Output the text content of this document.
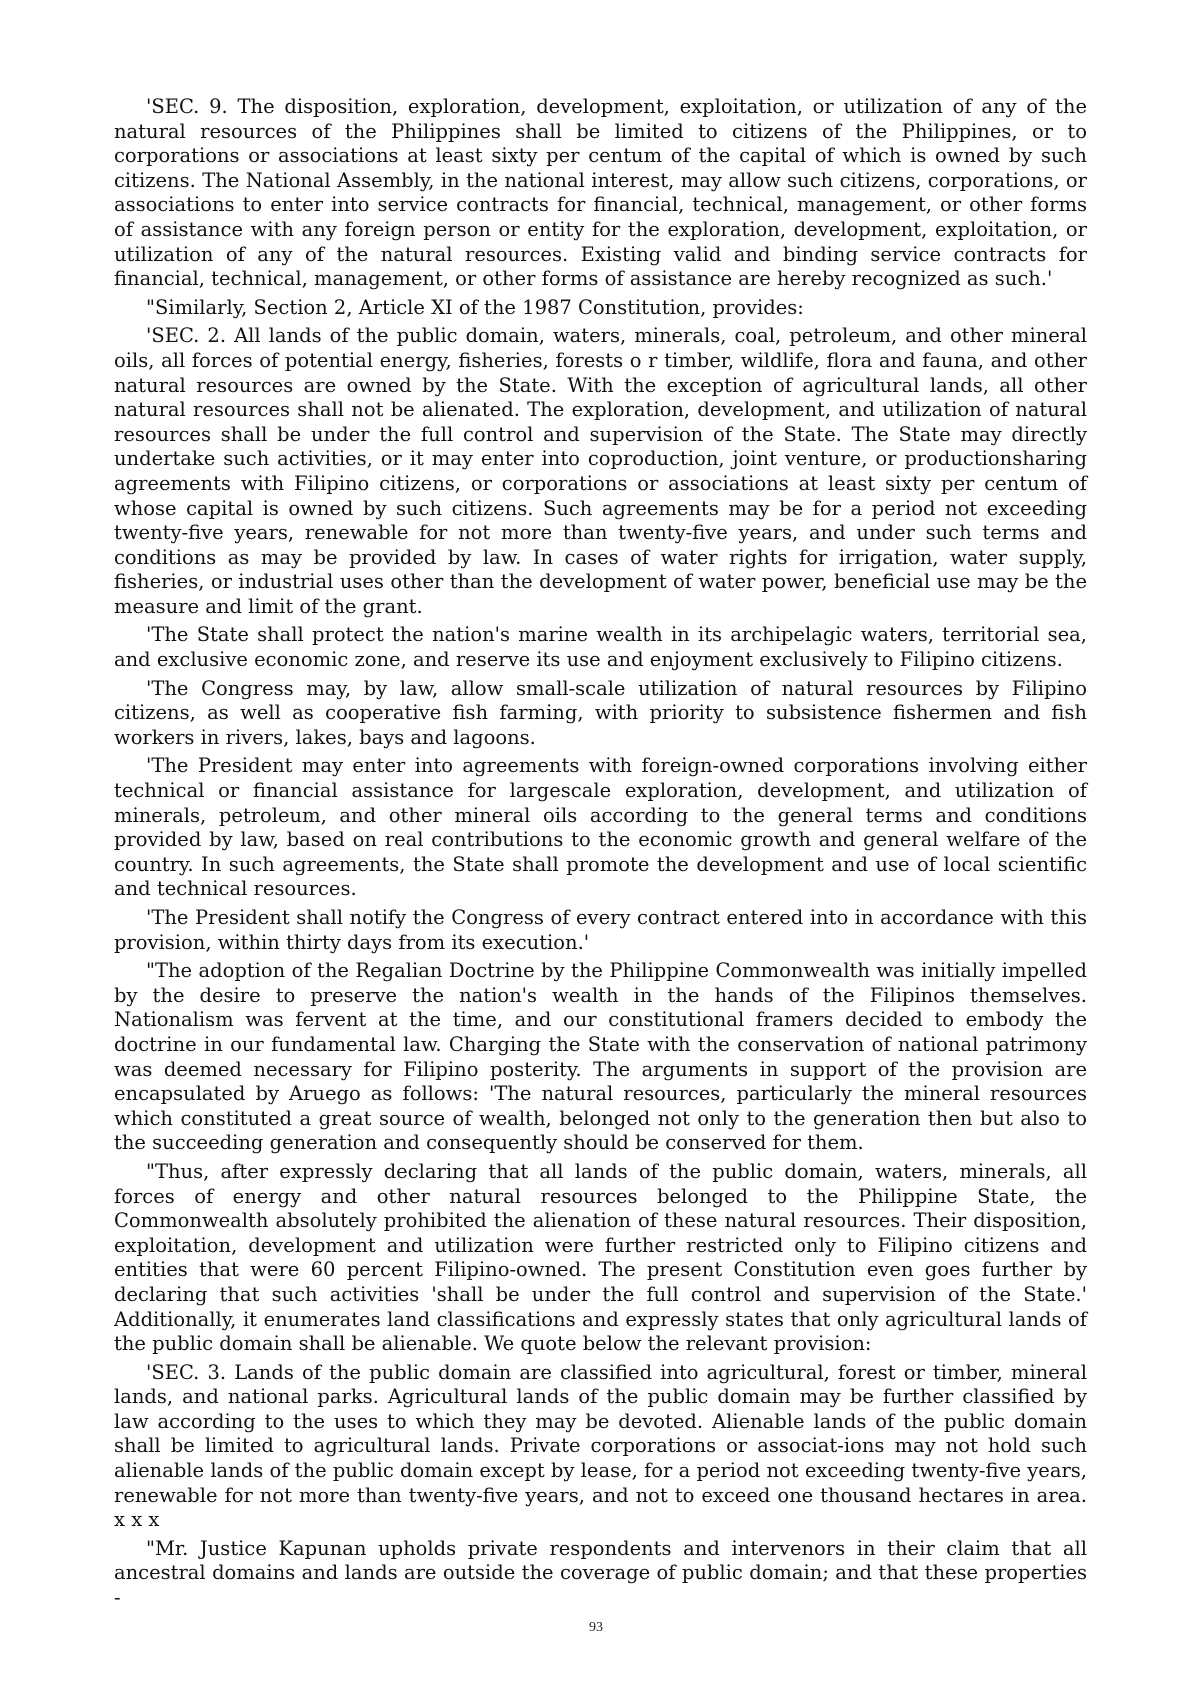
'SEC. 9. The disposition, exploration, development, exploitation, or utilization of any of the natural resources of the Philippines shall be limited to citizens of the Philippines, or to corporations or associations at least sixty per centum of the capital of which is owned by such citizens. The National Assembly, in the national interest, may allow such citizens, corporations, or associations to enter into service contracts for financial, technical, management, or other forms of assistance with any foreign person or entity for the exploration, development, exploitation, or utilization of any of the natural resources. Existing valid and binding service contracts for financial, technical, management, or other forms of assistance are hereby recognized as such.'

"Similarly, Section 2, Article XI of the 1987 Constitution, provides:

'SEC. 2. All lands of the public domain, waters, minerals, coal, petroleum, and other mineral oils, all forces of potential energy, fisheries, forests o r timber, wildlife, flora and fauna, and other natural resources are owned by the State. With the exception of agricultural lands, all other natural resources shall not be alienated. The exploration, development, and utilization of natural resources shall be under the full control and supervision of the State. The State may directly undertake such activities, or it may enter into coproduction, joint venture, or productionsharing agreements with Filipino citizens, or corporations or associations at least sixty per centum of whose capital is owned by such citizens. Such agreements may be for a period not exceeding twenty-five years, renewable for not more than twenty-five years, and under such terms and conditions as may be provided by law. In cases of water rights for irrigation, water supply, fisheries, or industrial uses other than the development of water power, beneficial use may be the measure and limit of the grant.

'The State shall protect the nation's marine wealth in its archipelagic waters, territorial sea, and exclusive economic zone, and reserve its use and enjoyment exclusively to Filipino citizens.

'The Congress may, by law, allow small-scale utilization of natural resources by Filipino citizens, as well as cooperative fish farming, with priority to subsistence fishermen and fish workers in rivers, lakes, bays and lagoons.

'The President may enter into agreements with foreign-owned corporations involving either technical or financial assistance for largescale exploration, development, and utilization of minerals, petroleum, and other mineral oils according to the general terms and conditions provided by law, based on real contributions to the economic growth and general welfare of the country. In such agreements, the State shall promote the development and use of local scientific and technical resources.

'The President shall notify the Congress of every contract entered into in accordance with this provision, within thirty days from its execution.'

"The adoption of the Regalian Doctrine by the Philippine Commonwealth was initially impelled by the desire to preserve the nation's wealth in the hands of the Filipinos themselves. Nationalism was fervent at the time, and our constitutional framers decided to embody the doctrine in our fundamental law. Charging the State with the conservation of national patrimony was deemed necessary for Filipino posterity. The arguments in support of the provision are encapsulated by Aruego as follows: 'The natural resources, particularly the mineral resources which constituted a great source of wealth, belonged not only to the generation then but also to the succeeding generation and consequently should be conserved for them.

"Thus, after expressly declaring that all lands of the public domain, waters, minerals, all forces of energy and other natural resources belonged to the Philippine State, the Commonwealth absolutely prohibited the alienation of these natural resources. Their disposition, exploitation, development and utilization were further restricted only to Filipino citizens and entities that were 60 percent Filipino-owned. The present Constitution even goes further by declaring that such activities 'shall be under the full control and supervision of the State.' Additionally, it enumerates land classifications and expressly states that only agricultural lands of the public domain shall be alienable. We quote below the relevant provision:

'SEC. 3. Lands of the public domain are classified into agricultural, forest or timber, mineral lands, and national parks. Agricultural lands of the public domain may be further classified by law according to the uses to which they may be devoted. Alienable lands of the public domain shall be limited to agricultural lands. Private corporations or associat-ions may not hold such alienable lands of the public domain except by lease, for a period not exceeding twenty-five years, renewable for not more than twenty-five years, and not to exceed one thousand hectares in area. x x x

"Mr. Justice Kapunan upholds private respondents and intervenors in their claim that all ancestral domains and lands are outside the coverage of public domain; and that these properties -

93
